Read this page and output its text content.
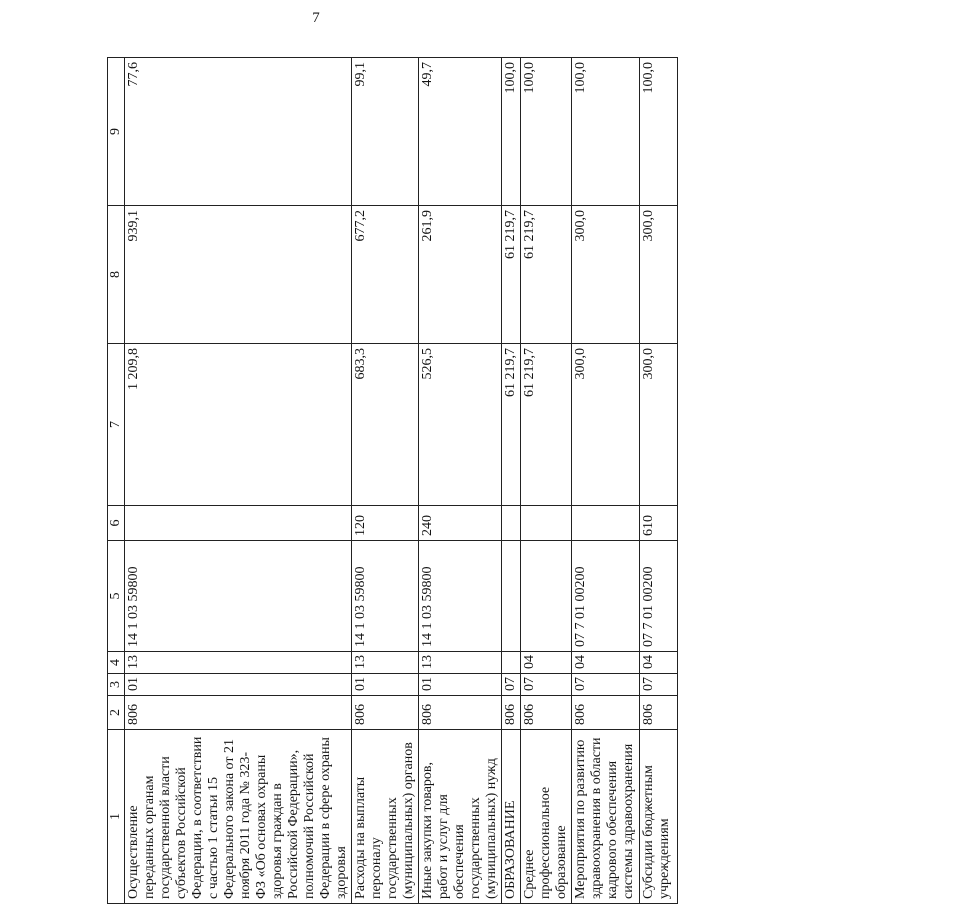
7
1	2	3	4	5	6	7	8	9
Осуществление переданных органам государственной власти субъектов Российской Федерации, в соответствии с частью 1 статьи 15 Федерального закона от 21 ноября 2011 года № 323-ФЗ «Об основах охраны здоровья граждан в Российской Федерации», полномочий Российской Федерации в сфере охраны здоровья	806	01	13	14 1 03 59800		1 209,8	939,1	77,6
Расходы на выплаты персоналу государственных (муниципальных) органов	806	01	13	14 1 03 59800	120	683,3	677,2	99,1
Иные закупки товаров, работ и услуг для обеспечения государственных (муниципальных) нужд	806	01	13	14 1 03 59800	240	526,5	261,9	49,7
ОБРАЗОВАНИЕ	806	07				61 219,7	61 219,7	100,0
Среднее профессиональное образование	806	07	04			61 219,7	61 219,7	100,0
Мероприятия по развитию здравоохранения в области кадрового обеспечения системы здравоохранения	806	07	04	07 7 01 00200		300,0	300,0	100,0
Субсидии бюджетным учреждениям	806	07	04	07 7 01 00200	610	300,0	300,0	100,0
